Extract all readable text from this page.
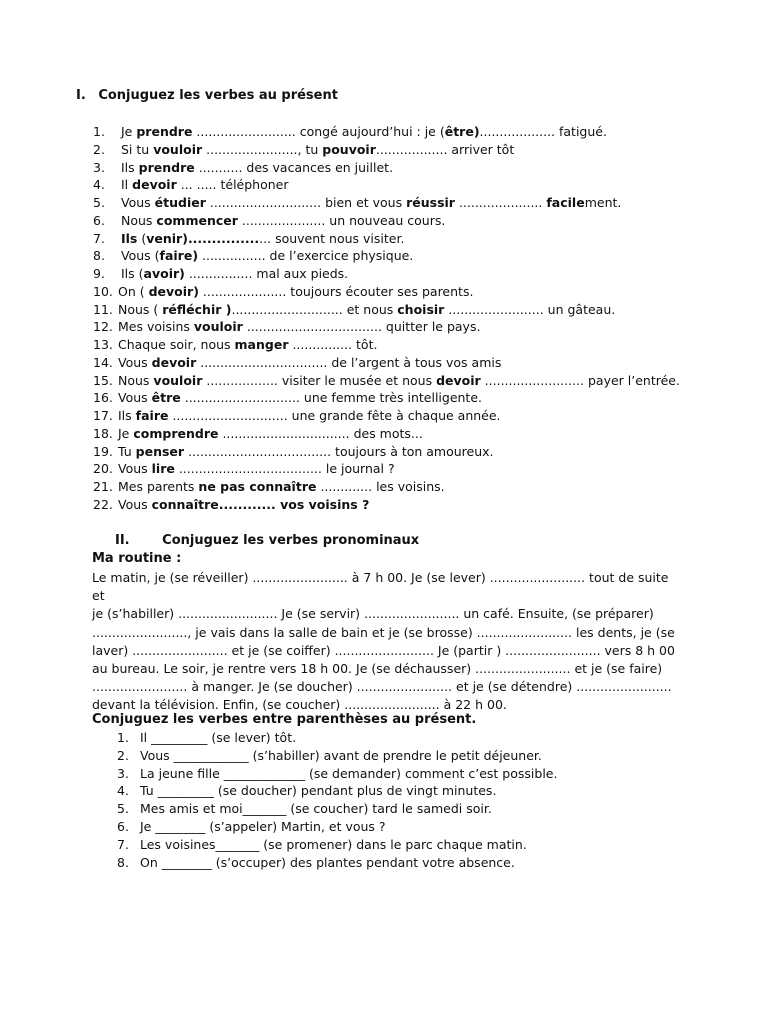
I. Conjuguez les verbes au présent
1. Je prendre ......................... congé aujourd’hui : je (être)................... fatigué.
2. Si tu vouloir ......................., tu pouvoir.................. arriver tôt
3. Ils prendre ........... des vacances en juillet.
4. Il devoir ... ..... téléphoner
5. Vous étudier ............................ bien et vous réussir ..................... facilement.
6. Nous commencer ..................... un nouveau cours.
7. Ils (venir).................. souvent nous visiter.
8. Vous (faire) ................ de l’exercice physique.
9. Ils (avoir) ................ mal aux pieds.
10. On ( devoir) ..................... toujours écouter ses parents.
11. Nous ( réfléchir )............................ et nous choisir ........................ un gâteau.
12. Mes voisins vouloir .................................. quitter le pays.
13. Chaque soir, nous manger ............... tôt.
14. Vous devoir ................................ de l’argent à tous vos amis
15. Nous vouloir .................. visiter le musée et nous devoir ......................... payer l’entrée.
16. Vous être ............................. une femme très intelligente.
17. Ils faire ............................. une grande fête à chaque année.
18. Je comprendre ................................ des mots...
19. Tu penser .................................... toujours à ton amoureux.
20. Vous lire .................................... le journal ?
21. Mes parents ne pas connaître ............. les voisins.
22. Vous connaître............ vos voisins ?
II.	Conjuguez les verbes pronominaux
Ma routine :
Le matin, je (se réveiller) ........................ à 7 h 00. Je (se lever) ........................ tout de suite et
je (s’habiller) ......................... Je (se servir) ........................ un café. Ensuite, (se préparer)
........................, je vais dans la salle de bain et je (se brosse) ........................ les dents, je (se
laver) ........................ et je (se coiffer) ......................... Je (partir ) ........................ vers 8 h 00
au bureau. Le soir, je rentre vers 18 h 00. Je (se déchausser) ........................ et je (se faire)
........................ à manger. Je (se doucher) ........................ et je (se détendre) ........................
devant la télévision. Enfin, (se coucher) ........................ à 22 h 00.
Conjuguez les verbes entre parenthèses au présent.
1. Il _________ (se lever) tôt.
2. Vous ____________ (s’habiller) avant de prendre le petit déjeuner.
3. La jeune fille _____________ (se demander) comment c’est possible.
4. Tu _________ (se doucher) pendant plus de vingt minutes.
5. Mes amis et moi_______ (se coucher) tard le samedi soir.
6. Je ________ (s’appeler) Martin, et vous ?
7. Les voisines_______ (se promener) dans le parc chaque matin.
8. On ________ (s’occuper) des plantes pendant votre absence.
